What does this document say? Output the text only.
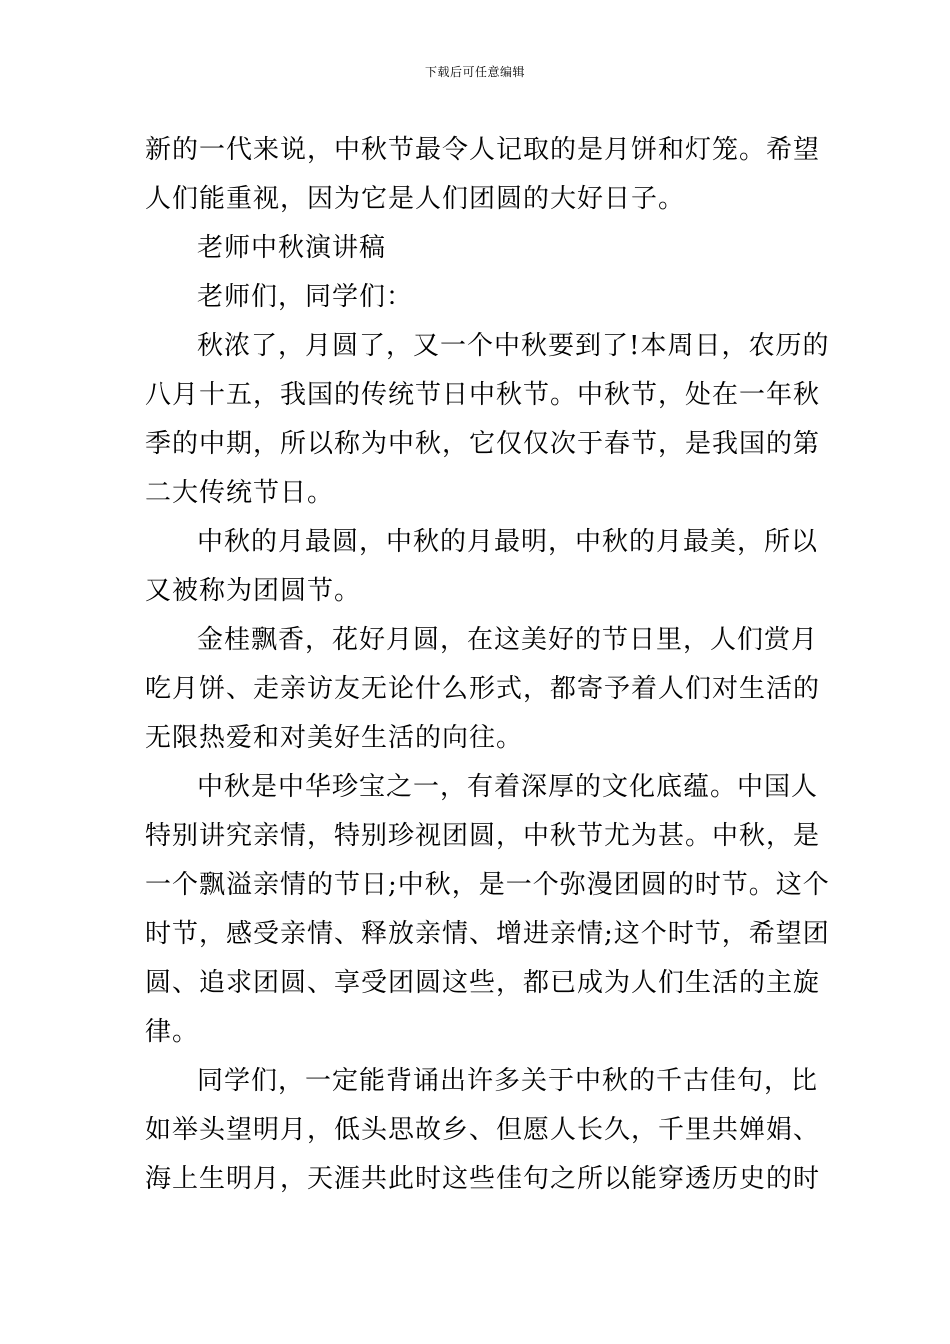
下载后可任意编辑
新的一代来说，中秋节最令人记取的是月饼和灯笼。希望
人们能重视，因为它是人们团圆的大好日子。
老师中秋演讲稿
老师们，同学们：
秋浓了，月圆了，又一个中秋要到了!本周日，农历的
八月十五，我国的传统节日中秋节。中秋节，处在一年秋
季的中期，所以称为中秋，它仅仅次于春节，是我国的第
二大传统节日。
中秋的月最圆，中秋的月最明，中秋的月最美，所以
又被称为团圆节。
金桂飘香，花好月圆，在这美好的节日里，人们赏月
吃月饼、走亲访友无论什么形式，都寄予着人们对生活的
无限热爱和对美好生活的向往。
中秋是中华珍宝之一，有着深厚的文化底蕴。中国人
特别讲究亲情，特别珍视团圆，中秋节尤为甚。中秋，是
一个飘溢亲情的节日;中秋，是一个弥漫团圆的时节。这个
时节，感受亲情、释放亲情、增进亲情;这个时节，希望团
圆、追求团圆、享受团圆这些，都已成为人们生活的主旋
律。
同学们，一定能背诵出许多关于中秋的千古佳句，比
如举头望明月，低头思故乡、但愿人长久，千里共婵娟、
海上生明月，天涯共此时这些佳句之所以能穿透历史的时
